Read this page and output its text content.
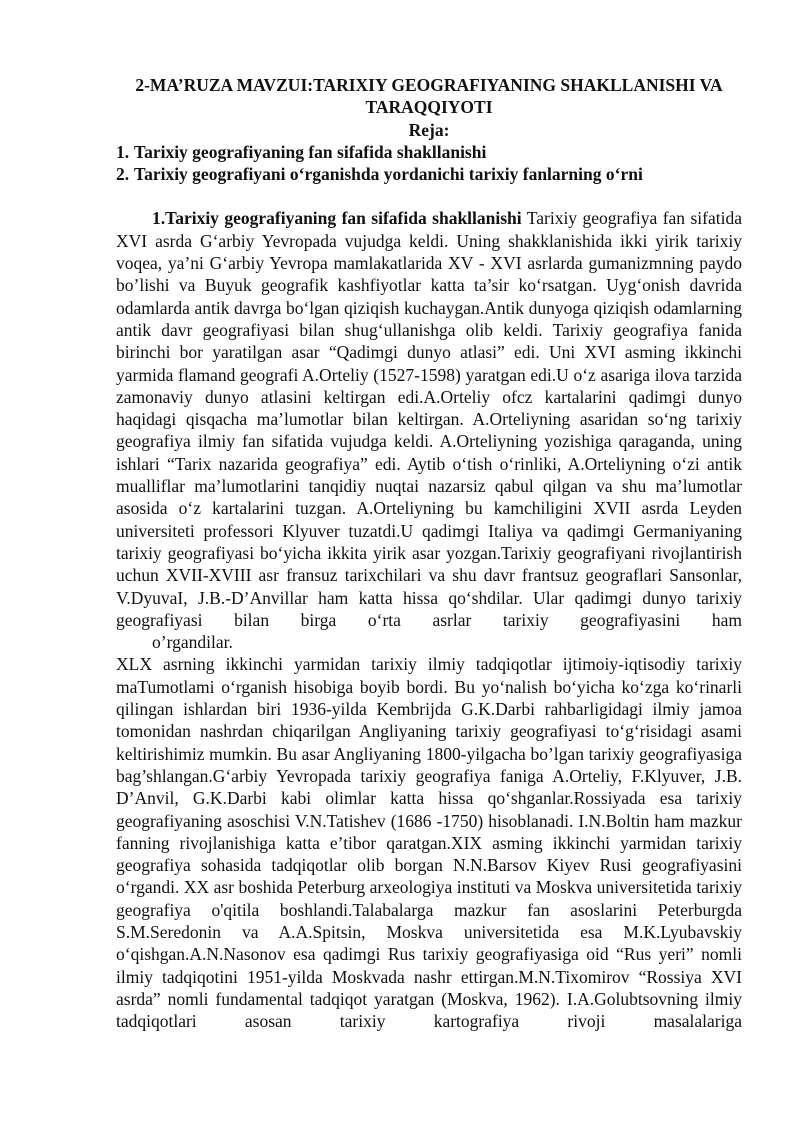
2-MA’RUZA MAVZUI:TARIXIY GEOGRAFIYANING SHAKLLANISHI VA TARAQQIYOTI

Reja:

1. Tarixiy geografiyaning fan sifafida shakllanishi
2. Tarixiy geografiyani o‘rganishda yordanichi tarixiy fanlarning o‘rni

1.Tarixiy geografiyaning fan sifafida shakllanishi Tarixiy geografiya fan sifatida XVI asrda G‘arbiy Yevropada vujudga keldi. Uning shakklanishida ikki yirik tarixiy voqea, ya’ni G‘arbiy Yevropa mamlakatlarida XV - XVI asrlarda gumanizmning paydo bo’lishi va Buyuk geografik kashfiyotlar katta ta’sir ko‘rsatgan. Uyg‘onish davrida odamlarda antik davrga bo‘lgan qiziqish kuchaygan.Antik dunyoga qiziqish odamlarning antik davr geografiyasi bilan shug‘ullanishga olib keldi. Tarixiy geografiya fanida birinchi bor yaratilgan asar “Qadimgi dunyo atlasi” edi. Uni XVI asming ikkinchi yarmida flamand geografi A.Orteliy (1527-1598) yaratgan edi.U o‘z asariga ilova tarzida zamonaviy dunyo atlasini keltirgan edi.A.Orteliy ofcz kartalarini qadimgi dunyo haqidagi qisqacha ma’lumotlar bilan keltirgan. A.Orteliyning asaridan so‘ng tarixiy geografiya ilmiy fan sifatida vujudga keldi. A.Orteliyning yozishiga qaraganda, uning ishlari “Tarix nazarida geografiya” edi. Aytib o‘tish o‘rinliki, A.Orteliyning o‘zi antik mualliflar ma’lumotlarini tanqidiy nuqtai nazarsiz qabul qilgan va shu ma’lumotlar asosida o‘z kartalarini tuzgan. A.Orteliyning bu kamchiligini XVII asrda Leyden universiteti professori Klyuver tuzatdi.U qadimgi Italiya va qadimgi Germaniyaning tarixiy geografiyasi bo‘yicha ikkita yirik asar yozgan.Tarixiy geografiyani rivojlantirish uchun XVII-XVIII asr fransuz tarixchilari va shu davr frantsuz geograflari Sansonlar, V.DyuvaI, J.B.-D’Anvillar ham katta hissa qo‘shdilar. Ular qadimgi dunyo tarixiy geografiyasi bilan birga o‘rta asrlar tarixiy geografiyasini ham
o’rgandilar.

XLX asrning ikkinchi yarmidan tarixiy ilmiy tadqiqotlar ijtimoiy-iqtisodiy tarixiy maTumotlami o‘rganish hisobiga boyib bordi. Bu yo‘nalish bo‘yicha ko‘zga ko‘rinarli qilingan ishlardan biri 1936-yilda Kembrijda G.K.Darbi rahbarligidagi ilmiy jamoa tomonidan nashrdan chiqarilgan Angliyaning tarixiy geografiyasi to‘g‘risidagi asami keltirishimiz mumkin. Bu asar Angliyaning 1800-yilgacha bo’lgan tarixiy geografiyasiga bag’shlangan.G‘arbiy Yevropada tarixiy geografiya faniga A.Orteliy, F.Klyuver, J.B. D’Anvil, G.K.Darbi kabi olimlar katta hissa qo‘shganlar.Rossiyada esa tarixiy geografiyaning asoschisi V.N.Tatishev (1686 -1750) hisoblanadi. I.N.Boltin ham mazkur fanning rivojlanishiga katta e’tibor qaratgan.XIX asming ikkinchi yarmidan tarixiy geografiya sohasida tadqiqotlar olib borgan N.N.Barsov Kiyev Rusi geografiyasini o‘rgandi. XX asr boshida Peterburg arxeologiya instituti va Moskva universitetida tarixiy geografiya o'qitila boshlandi.Talabalarga mazkur fan asoslarini Peterburgda S.M.Seredonin va A.A.Spitsin, Moskva universitetida esa M.K.Lyubavskiy o‘qishgan.A.N.Nasonov esa qadimgi Rus tarixiy geografiyasiga oid “Rus yeri” nomli ilmiy tadqiqotini 1951-yilda Moskvada nashr ettirgan.M.N.Tixomirov “Rossiya XVI asrda” nomli fundamental tadqiqot yaratgan (Moskva, 1962). I.A.Golubtsovning ilmiy tadqiqotlari asosan tarixiy kartografiya rivoji masalalariga
